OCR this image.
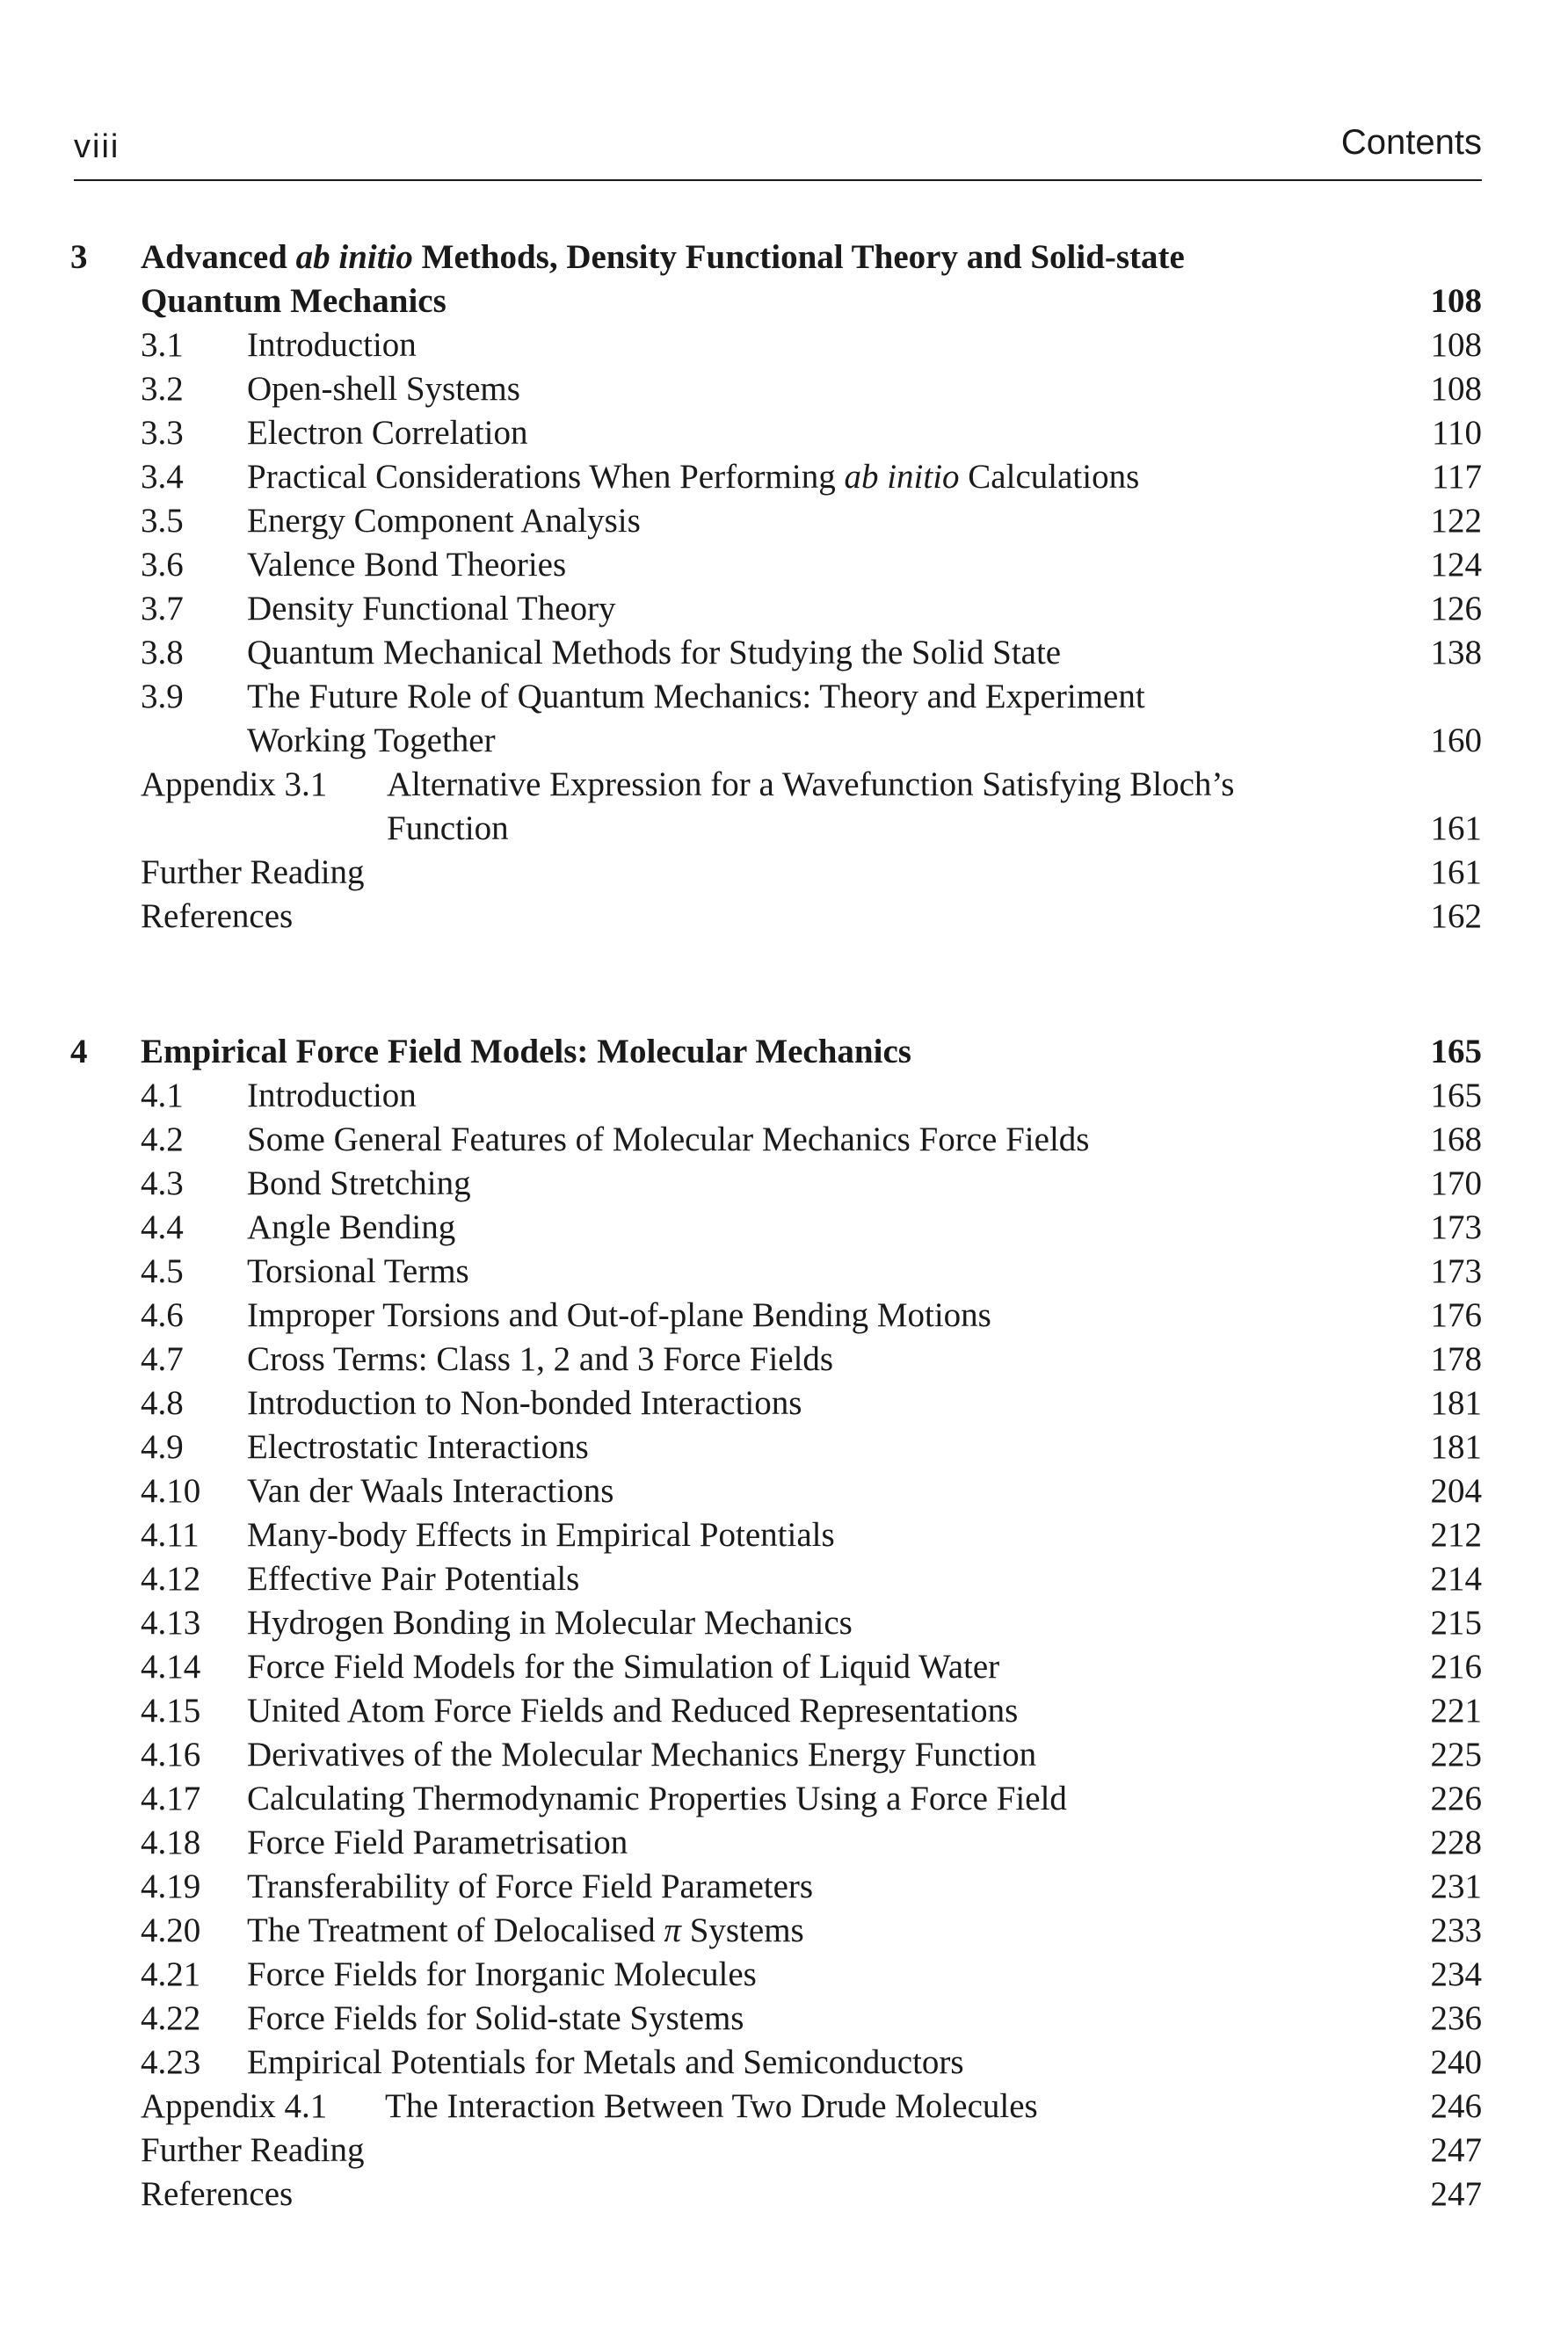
viii	Contents
3 Advanced ab initio Methods, Density Functional Theory and Solid-state
Quantum Mechanics	108
3.1 Introduction	108
3.2 Open-shell Systems	108
3.3 Electron Correlation	110
3.4 Practical Considerations When Performing ab initio Calculations	117
3.5 Energy Component Analysis	122
3.6 Valence Bond Theories	124
3.7 Density Functional Theory	126
3.8 Quantum Mechanical Methods for Studying the Solid State	138
3.9 The Future Role of Quantum Mechanics: Theory and Experiment
Working Together	160
Appendix 3.1 Alternative Expression for a Wavefunction Satisfying Bloch’s
Function	161
Further Reading	161
References	162
4 Empirical Force Field Models: Molecular Mechanics	165
4.1 Introduction	165
4.2 Some General Features of Molecular Mechanics Force Fields	168
4.3 Bond Stretching	170
4.4 Angle Bending	173
4.5 Torsional Terms	173
4.6 Improper Torsions and Out-of-plane Bending Motions	176
4.7 Cross Terms: Class 1, 2 and 3 Force Fields	178
4.8 Introduction to Non-bonded Interactions	181
4.9 Electrostatic Interactions	181
4.10 Van der Waals Interactions	204
4.11 Many-body Effects in Empirical Potentials	212
4.12 Effective Pair Potentials	214
4.13 Hydrogen Bonding in Molecular Mechanics	215
4.14 Force Field Models for the Simulation of Liquid Water	216
4.15 United Atom Force Fields and Reduced Representations	221
4.16 Derivatives of the Molecular Mechanics Energy Function	225
4.17 Calculating Thermodynamic Properties Using a Force Field	226
4.18 Force Field Parametrisation	228
4.19 Transferability of Force Field Parameters	231
4.20 The Treatment of Delocalised π Systems	233
4.21 Force Fields for Inorganic Molecules	234
4.22 Force Fields for Solid-state Systems	236
4.23 Empirical Potentials for Metals and Semiconductors	240
Appendix 4.1 The Interaction Between Two Drude Molecules	246
Further Reading	247
References	247
